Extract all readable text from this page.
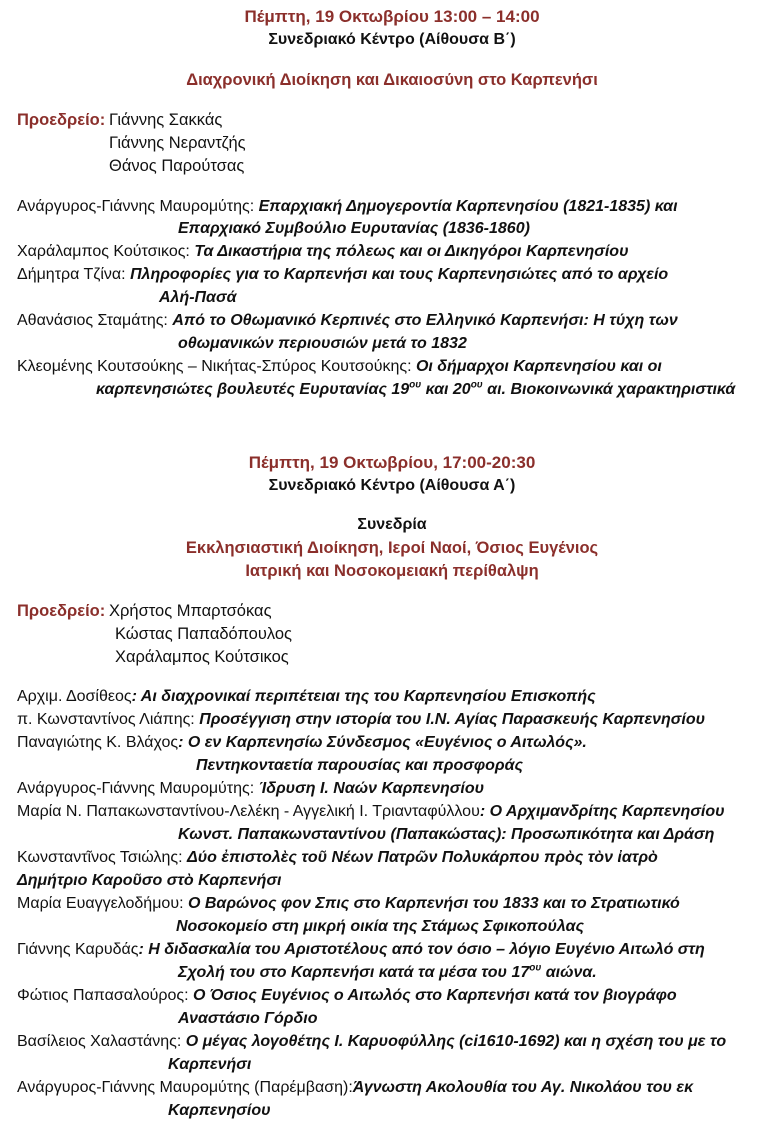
Πέμπτη, 19 Οκτωβρίου 13:00 – 14:00
Συνεδριακό Κέντρο (Αίθουσα Β΄)
Διαχρονική Διοίκηση και Δικαιοσύνη στο Καρπενήσι
Προεδρείο: Γιάννης Σακκάς
Γιάννης Νεραντζής
Θάνος Παρούτσας
Ανάργυρος-Γιάννης Μαυρομύτης: Επαρχιακή Δημογεροντία Καρπενησίου (1821-1835) και
Επαρχιακό Συμβούλιο Ευρυτανίας (1836-1860)
Χαράλαμπος Κούτσικος: Τα Δικαστήρια της πόλεως και οι Δικηγόροι Καρπενησίου
Δήμητρα Τζίνα: Πληροφορίες για το Καρπενήσι και τους Καρπενησιώτες από το αρχείο
Αλή-Πασά
Αθανάσιος Σταμάτης: Από το Οθωμανικό Κερπινές στο Ελληνικό Καρπενήσι: Η τύχη των
οθωμανικών περιουσιών μετά το 1832
Κλεομένης Κουτσούκης – Νικήτας-Σπύρος Κουτσούκης: Οι δήμαρχοι Καρπενησίου και οι
καρπενησιώτες βουλευτές Ευρυτανίας $19^{o\upsilon}$ και $20^{o\upsilon}$ αι. Βιοκοινωνικά χαρακτηριστικά
Πέμπτη, 19 Οκτωβρίου, 17:00-20:30
Συνεδριακό Κέντρο (Αίθουσα Α΄)
Συνεδρία
Εκκλησιαστική Διοίκηση, Ιεροί Ναοί, Όσιος Ευγένιος
Ιατρική και Νοσοκομειακή περίθαλψη
Προεδρείο: Χρήστος Μπαρτσόκας
Κώστας Παπαδόπουλος
Χαράλαμπος Κούτσικος
Αρχιμ. Δοσίθεος: Αι διαχρονικαί περιπέτειαι της του Καρπενησίου Επισκοπής
π. Κωνσταντίνος Λιάπης: Προσέγγιση στην ιστορία του Ι.Ν. Αγίας Παρασκευής Καρπενησίου
Παναγιώτης Κ. Βλάχος: Ο εν Καρπενησίω Σύνδεσμος «Ευγένιος ο Αιτωλός».
Πεντηκονταετία παρουσίας και προσφοράς
Ανάργυρος-Γιάννης Μαυρομύτης: Ίδρυση Ι. Ναών Καρπενησίου
Μαρία Ν. Παπακωνσταντίνου-Λελέκη - Αγγελική Ι. Τριανταφύλλου: Ο Αρχιμανδρίτης Καρπενησίου
Κωνστ. Παπακωνσταντίνου (Παπακώστας): Προσωπικότητα και Δράση
Κωνσταντῖνος Τσιώλης: Δύο ἐπιστολὲς τοῦ Νέων Πατρῶν Πολυκάρπου πρὸς τὸν ἰατρὸ
Δημήτριο Καροῦσο στὸ Καρπενήσι
Μαρία Ευαγγελοδήμου: Ο Βαρώνος φον Σπις στο Καρπενήσι του 1833 και το Στρατιωτικό
Νοσοκομείο στη μικρή οικία της Στάμως Σφικοπούλας
Γιάννης Καρυδάς: Η διδασκαλία του Αριστοτέλους από τον όσιο – λόγιο Ευγένιο Αιτωλό στη
Σχολή του στο Καρπενήσι κατά τα μέσα του $17^{o\upsilon}$ αιώνα.
Φώτιος Παπασαλούρος: Ο Όσιος Ευγένιος ο Αιτωλός στο Καρπενήσι κατά τον βιογράφο
Αναστάσιο Γόρδιο
Βασίλειος Χαλαστάνης: Ο μέγας λογοθέτης Ι. Καρυοφύλλης (ci1610-1692) και η σχέση του με το
Καρπενήσι
Ανάργυρος-Γιάννης Μαυρομύτης (Παρέμβαση):Άγνωστη Ακολουθία του Αγ. Νικολάου του εκ
Καρπενησίου
